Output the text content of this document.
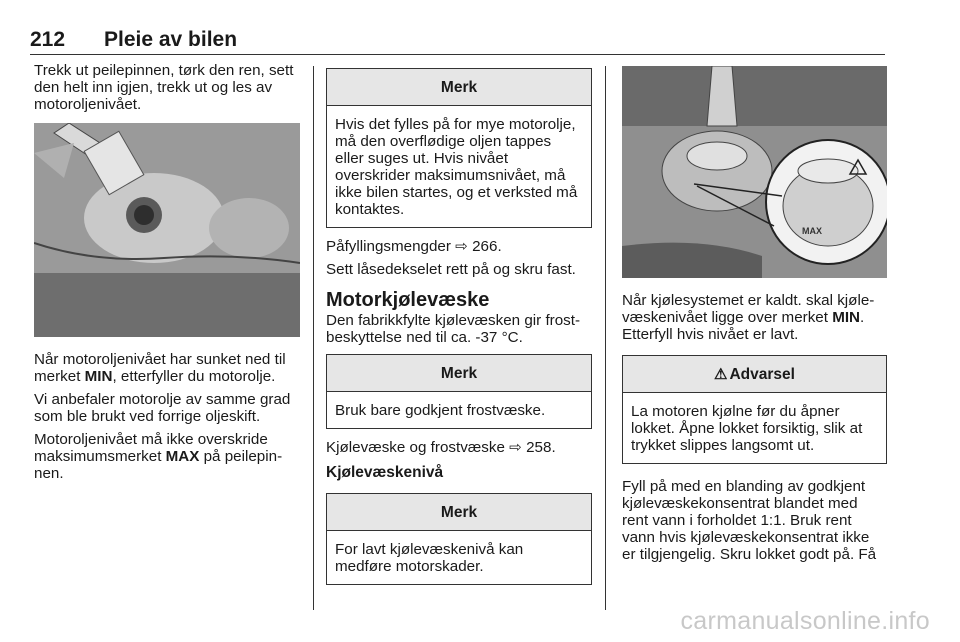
212 Pleie av bilen

Trekk ut peilepinnen, tørk den ren, sett den helt inn igjen, trekk ut og les av motoroljenivået.

Når motoroljenivået har sunket ned til merket MIN, etterfyller du motorolje.

Vi anbefaler motorolje av samme grad som ble brukt ved forrige oljeskift.

Motoroljenivået må ikke overskride maksimumsmerket MAX på peilepinnen.

Merk
Hvis det fylles på for mye motorolje, må den overflødige oljen tappes eller suges ut. Hvis nivået overskrider maksimumsnivået, må ikke bilen startes, og et verksted må kontaktes.

Påfyllingsmengder ⇨ 266.

Sett låsedekselet rett på og skru fast.

Motorkjølevæske

Den fabrikkfylte kjølevæsken gir frostbeskyttelse ned til ca. -37 °C.

Merk
Bruk bare godkjent frostvæske.

Kjølevæske og frostvæske ⇨ 258.

Kjølevæskenivå
Merk
For lavt kjølevæskenivå kan medføre motorskader.
MAX

Når kjølesystemet er kaldt. skal kjølevæskenivået ligge over merket MIN. Etterfyll hvis nivået er lavt.

⚠ Advarsel
La motoren kjølne før du åpner lokket. Åpne lokket forsiktig, slik at trykket slippes langsomt ut.

Fyll på med en blanding av godkjent kjølevæskekonsentrat blandet med rent vann i forholdet 1:1. Bruk rent vann hvis kjølevæskekonsentrat ikke er tilgjengelig. Skru lokket godt på. Få

carmanualsonline.info
